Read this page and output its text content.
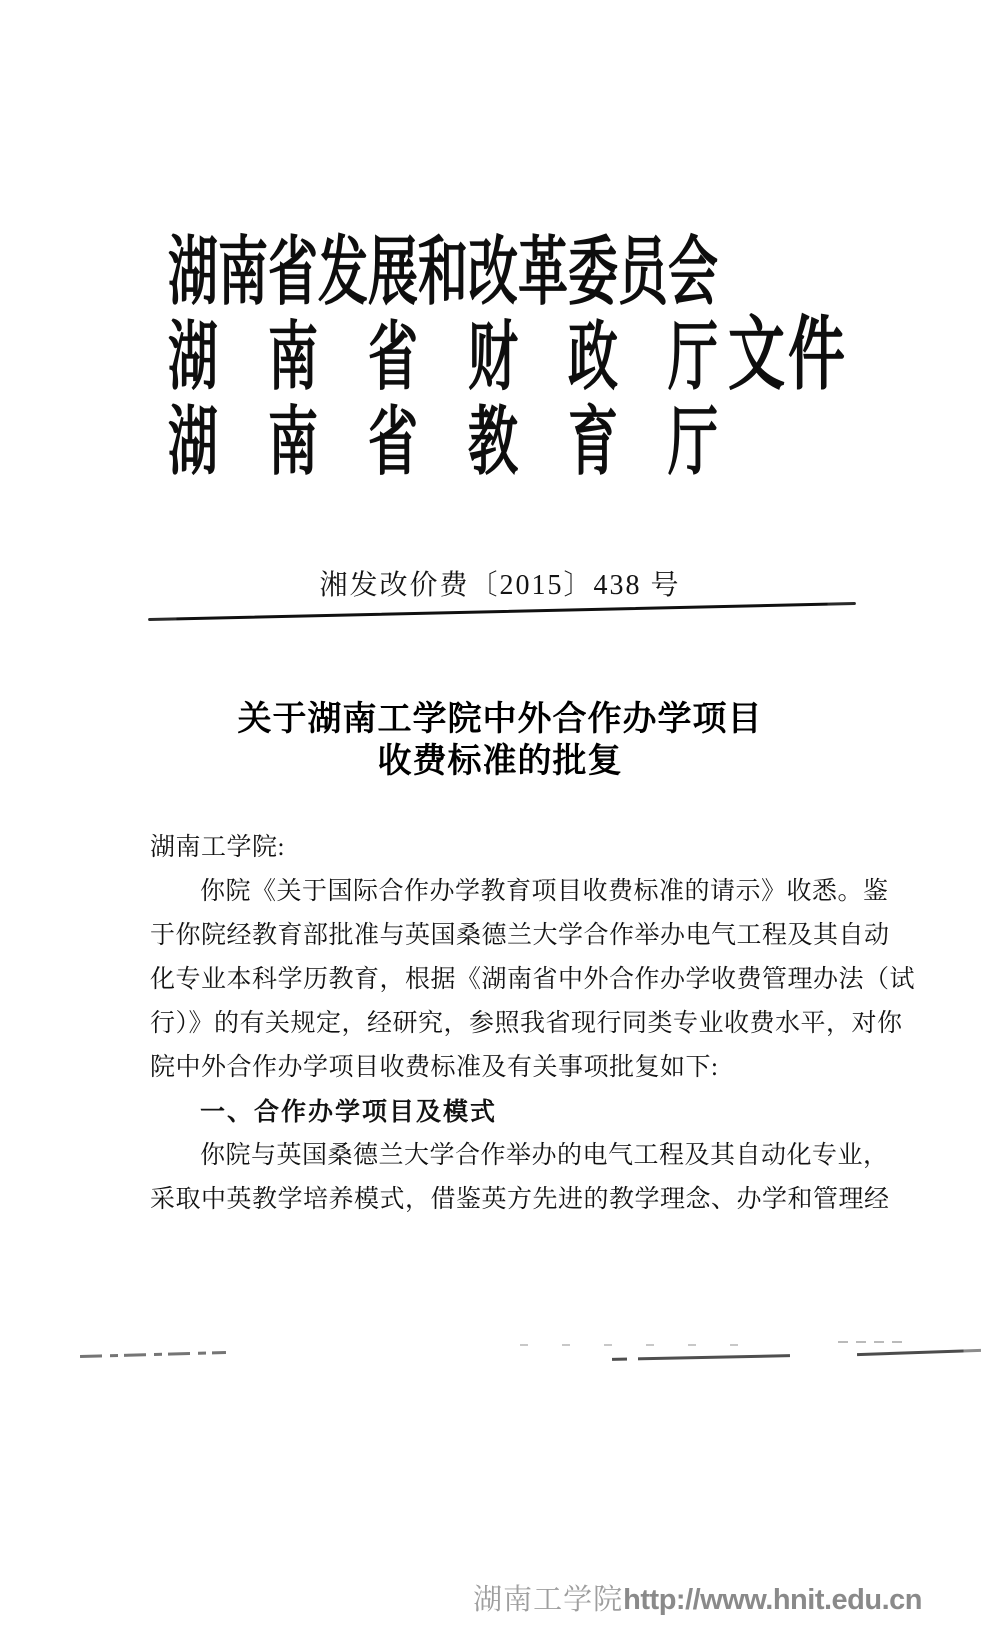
湖 南 省 发 展 和 改 革 委 员 会
湖 南 省 财 政 厅
湖 南 省 教 育 厅
文件
湘发改价费〔2015〕438 号
关于湖南工学院中外合作办学项目
收费标准的批复
湖南工学院:
你院《关于国际合作办学教育项目收费标准的请示》收悉。鉴
于你院经教育部批准与英国桑德兰大学合作举办电气工程及其自动
化专业本科学历教育，根据《湖南省中外合作办学收费管理办法（试
行）》的有关规定，经研究，参照我省现行同类专业收费水平，对你
院中外合作办学项目收费标准及有关事项批复如下:
一、合作办学项目及模式
你院与英国桑德兰大学合作举办的电气工程及其自动化专业，
采取中英教学培养模式，借鉴英方先进的教学理念、办学和管理经
湖南工学院 http://www.hnit.edu.cn
